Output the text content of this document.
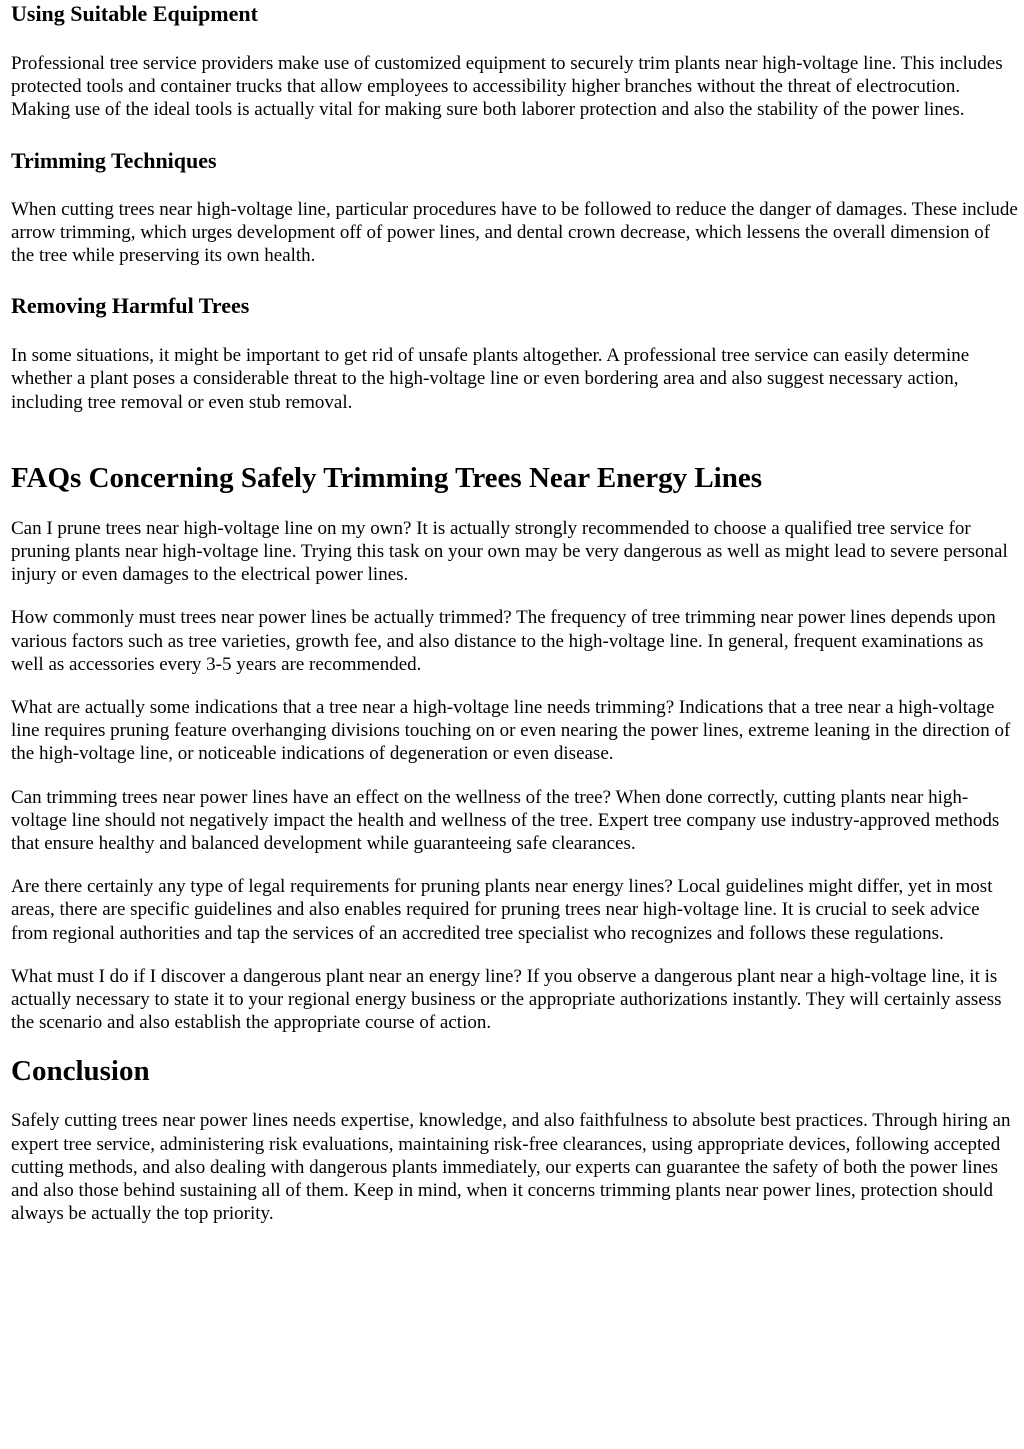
Using Suitable Equipment

Professional tree service providers make use of customized equipment to securely trim plants near high-voltage line. This includes protected tools and container trucks that allow employees to accessibility higher branches without the threat of electrocution. Making use of the ideal tools is actually vital for making sure both laborer protection and also the stability of the power lines.

Trimming Techniques

When cutting trees near high-voltage line, particular procedures have to be followed to reduce the danger of damages. These include arrow trimming, which urges development off of power lines, and dental crown decrease, which lessens the overall dimension of the tree while preserving its own health.

Removing Harmful Trees

In some situations, it might be important to get rid of unsafe plants altogether. A professional tree service can easily determine whether a plant poses a considerable threat to the high-voltage line or even bordering area and also suggest necessary action, including tree removal or even stub removal.

FAQs Concerning Safely Trimming Trees Near Energy Lines

Can I prune trees near high-voltage line on my own? It is actually strongly recommended to choose a qualified tree service for pruning plants near high-voltage line. Trying this task on your own may be very dangerous as well as might lead to severe personal injury or even damages to the electrical power lines.

How commonly must trees near power lines be actually trimmed? The frequency of tree trimming near power lines depends upon various factors such as tree varieties, growth fee, and also distance to the high-voltage line. In general, frequent examinations as well as accessories every 3-5 years are recommended.

What are actually some indications that a tree near a high-voltage line needs trimming? Indications that a tree near a high-voltage line requires pruning feature overhanging divisions touching on or even nearing the power lines, extreme leaning in the direction of the high-voltage line, or noticeable indications of degeneration or even disease.

Can trimming trees near power lines have an effect on the wellness of the tree? When done correctly, cutting plants near high-voltage line should not negatively impact the health and wellness of the tree. Expert tree company use industry-approved methods that ensure healthy and balanced development while guaranteeing safe clearances.

Are there certainly any type of legal requirements for pruning plants near energy lines? Local guidelines might differ, yet in most areas, there are specific guidelines and also enables required for pruning trees near high-voltage line. It is crucial to seek advice from regional authorities and tap the services of an accredited tree specialist who recognizes and follows these regulations.

What must I do if I discover a dangerous plant near an energy line? If you observe a dangerous plant near a high-voltage line, it is actually necessary to state it to your regional energy business or the appropriate authorizations instantly. They will certainly assess the scenario and also establish the appropriate course of action.

Conclusion

Safely cutting trees near power lines needs expertise, knowledge, and also faithfulness to absolute best practices. Through hiring an expert tree service, administering risk evaluations, maintaining risk-free clearances, using appropriate devices, following accepted cutting methods, and also dealing with dangerous plants immediately, our experts can guarantee the safety of both the power lines and also those behind sustaining all of them. Keep in mind, when it concerns trimming plants near power lines, protection should always be actually the top priority.
